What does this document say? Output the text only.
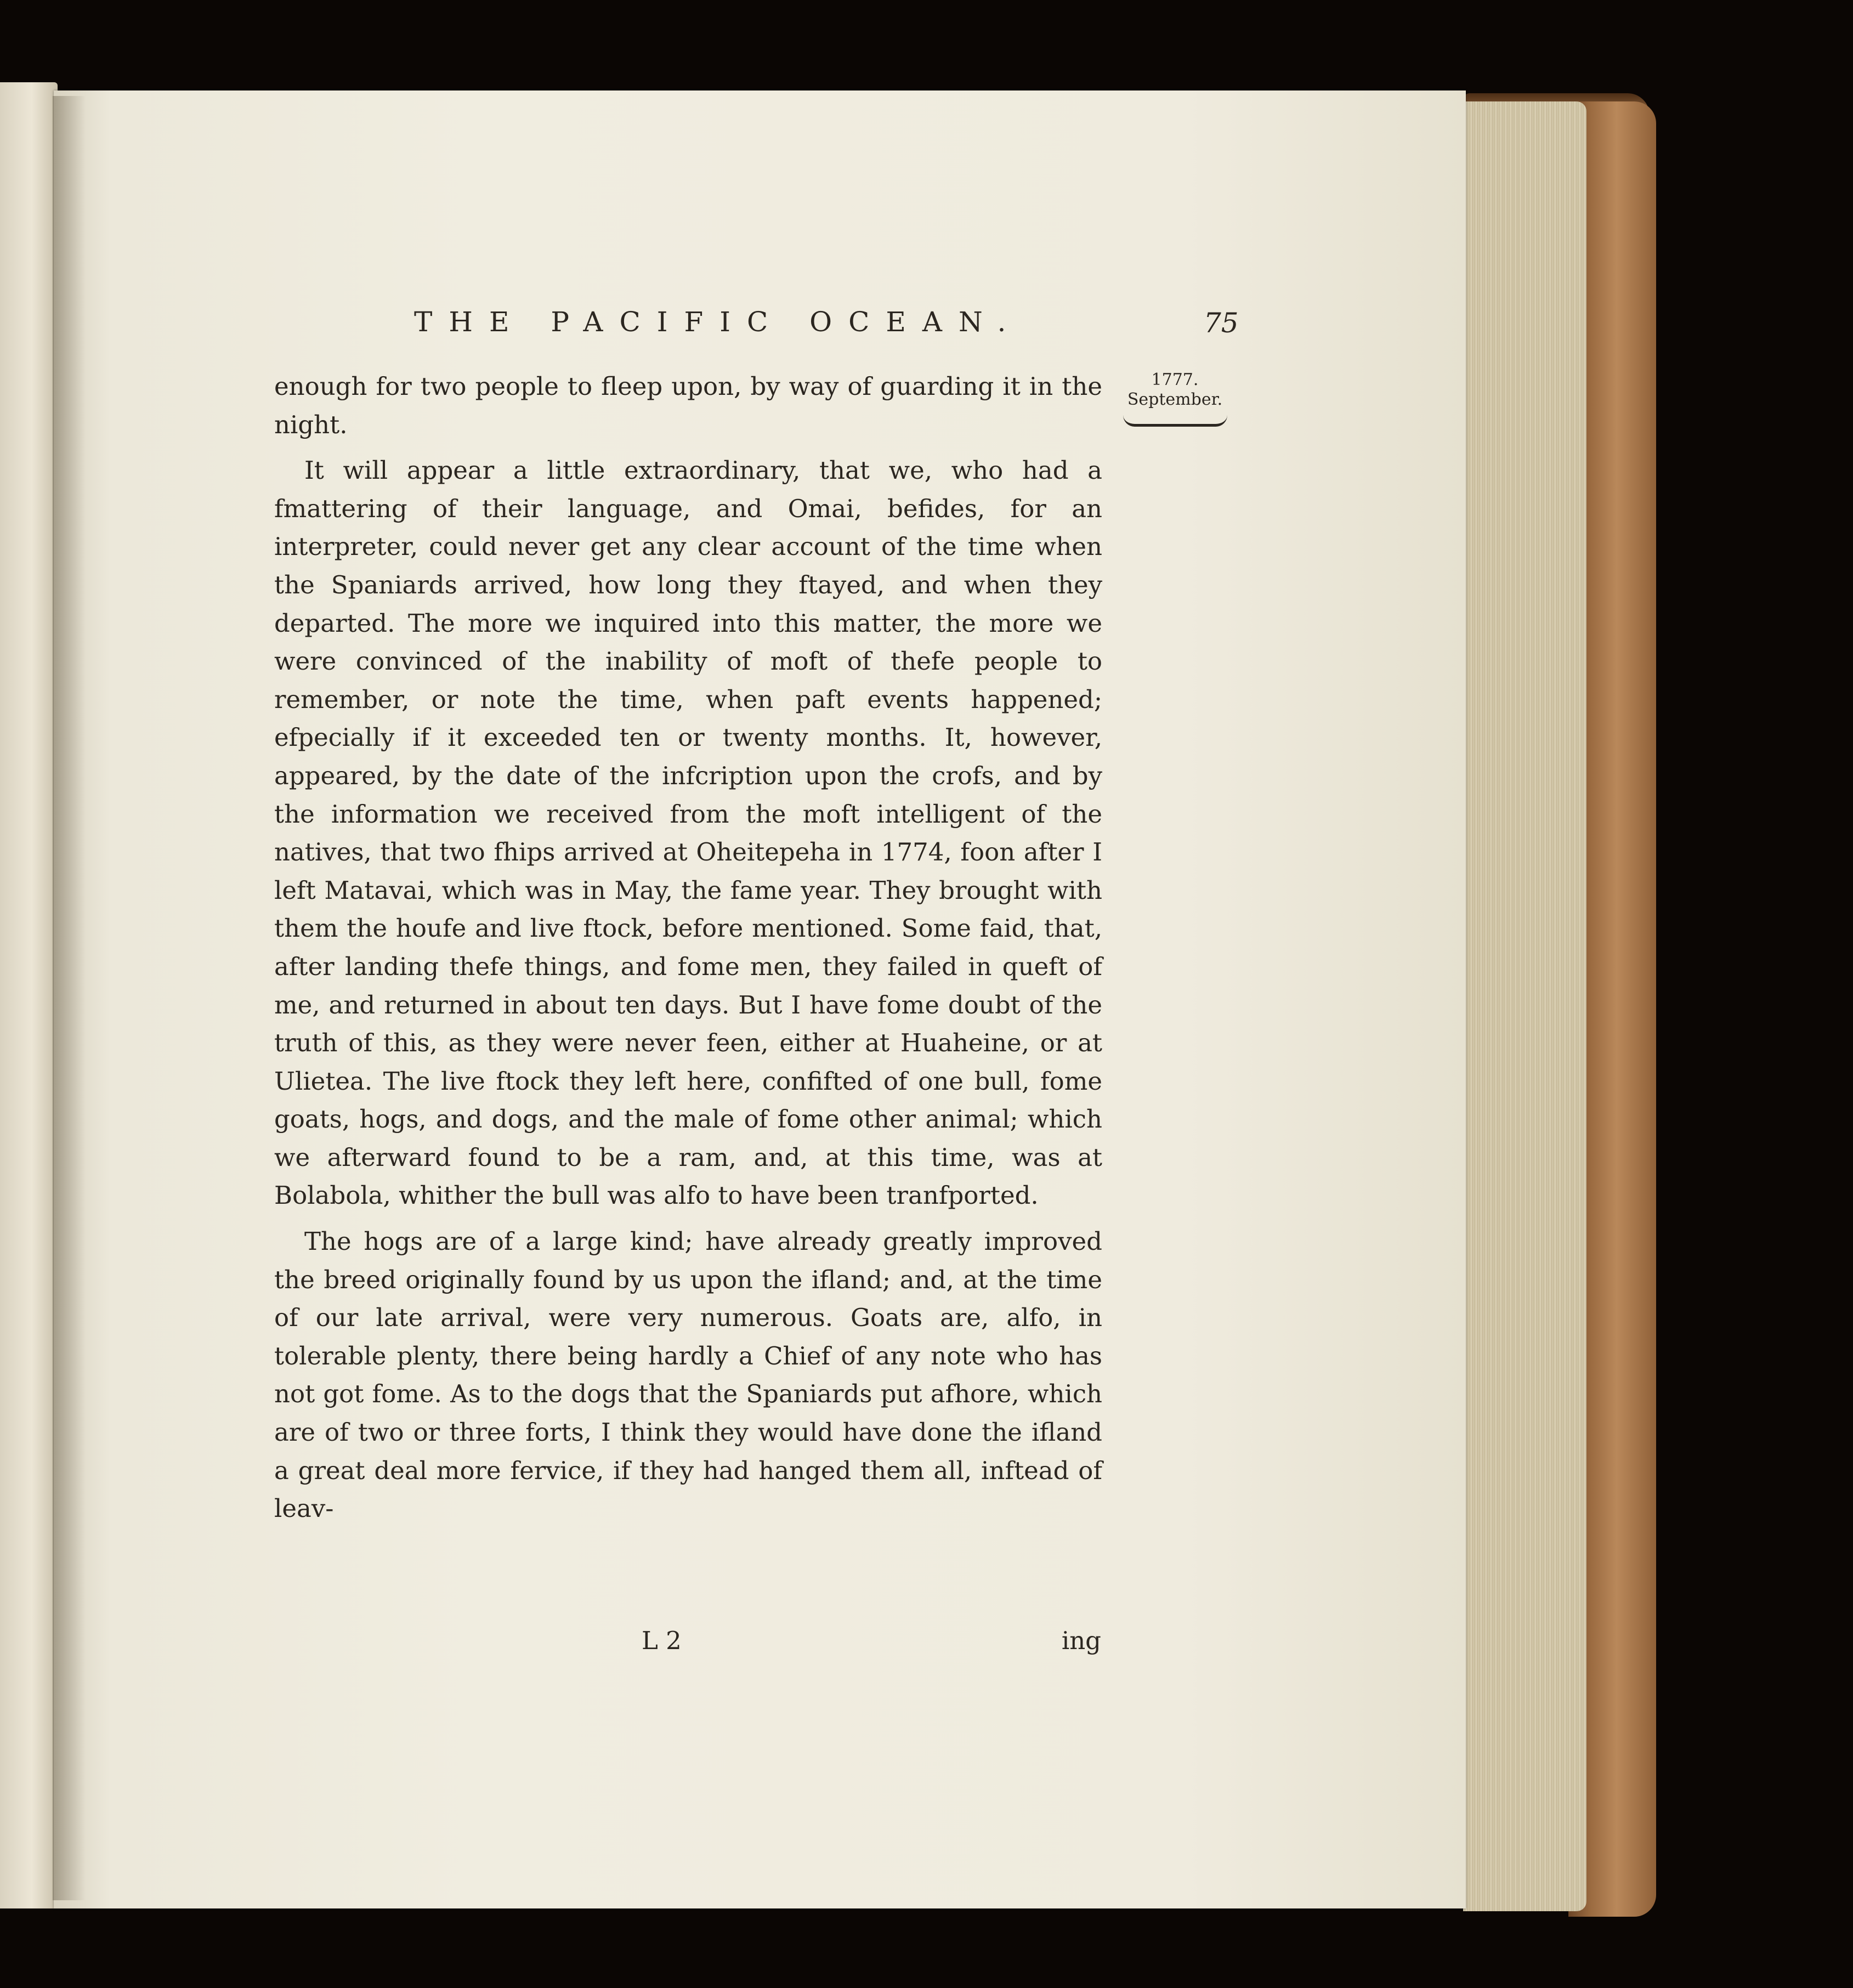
THE PACIFIC OCEAN.	75
1777.
September.

enough for two people to fleep upon, by way of guarding it in the night.

It will appear a little extraordinary, that we, who had a fmattering of their language, and Omai, befides, for an interpreter, could never get any clear account of the time when the Spaniards arrived, how long they ftayed, and when they departed. The more we inquired into this matter, the more we were convinced of the inability of moft of thefe people to remember, or note the time, when paft events happened; efpecially if it exceeded ten or twenty months. It, however, appeared, by the date of the infcription upon the crofs, and by the information we received from the moft intelligent of the natives, that two fhips arrived at Oheitepeha in 1774, foon after I left Matavai, which was in May, the fame year. They brought with them the houfe and live ftock, before mentioned. Some faid, that, after landing thefe things, and fome men, they failed in queft of me, and returned in about ten days. But I have fome doubt of the truth of this, as they were never feen, either at Huaheine, or at Ulietea. The live ftock they left here, confifted of one bull, fome goats, hogs, and dogs, and the male of fome other animal; which we afterward found to be a ram, and, at this time, was at Bolabola, whither the bull was alfo to have been tranfported.

The hogs are of a large kind; have already greatly improved the breed originally found by us upon the ifland; and, at the time of our late arrival, were very numerous. Goats are, alfo, in tolerable plenty, there being hardly a Chief of any note who has not got fome. As to the dogs that the Spaniards put afhore, which are of two or three forts, I think they would have done the ifland a great deal more fervice, if they had hanged them all, inftead of leav-

L 2	ing
